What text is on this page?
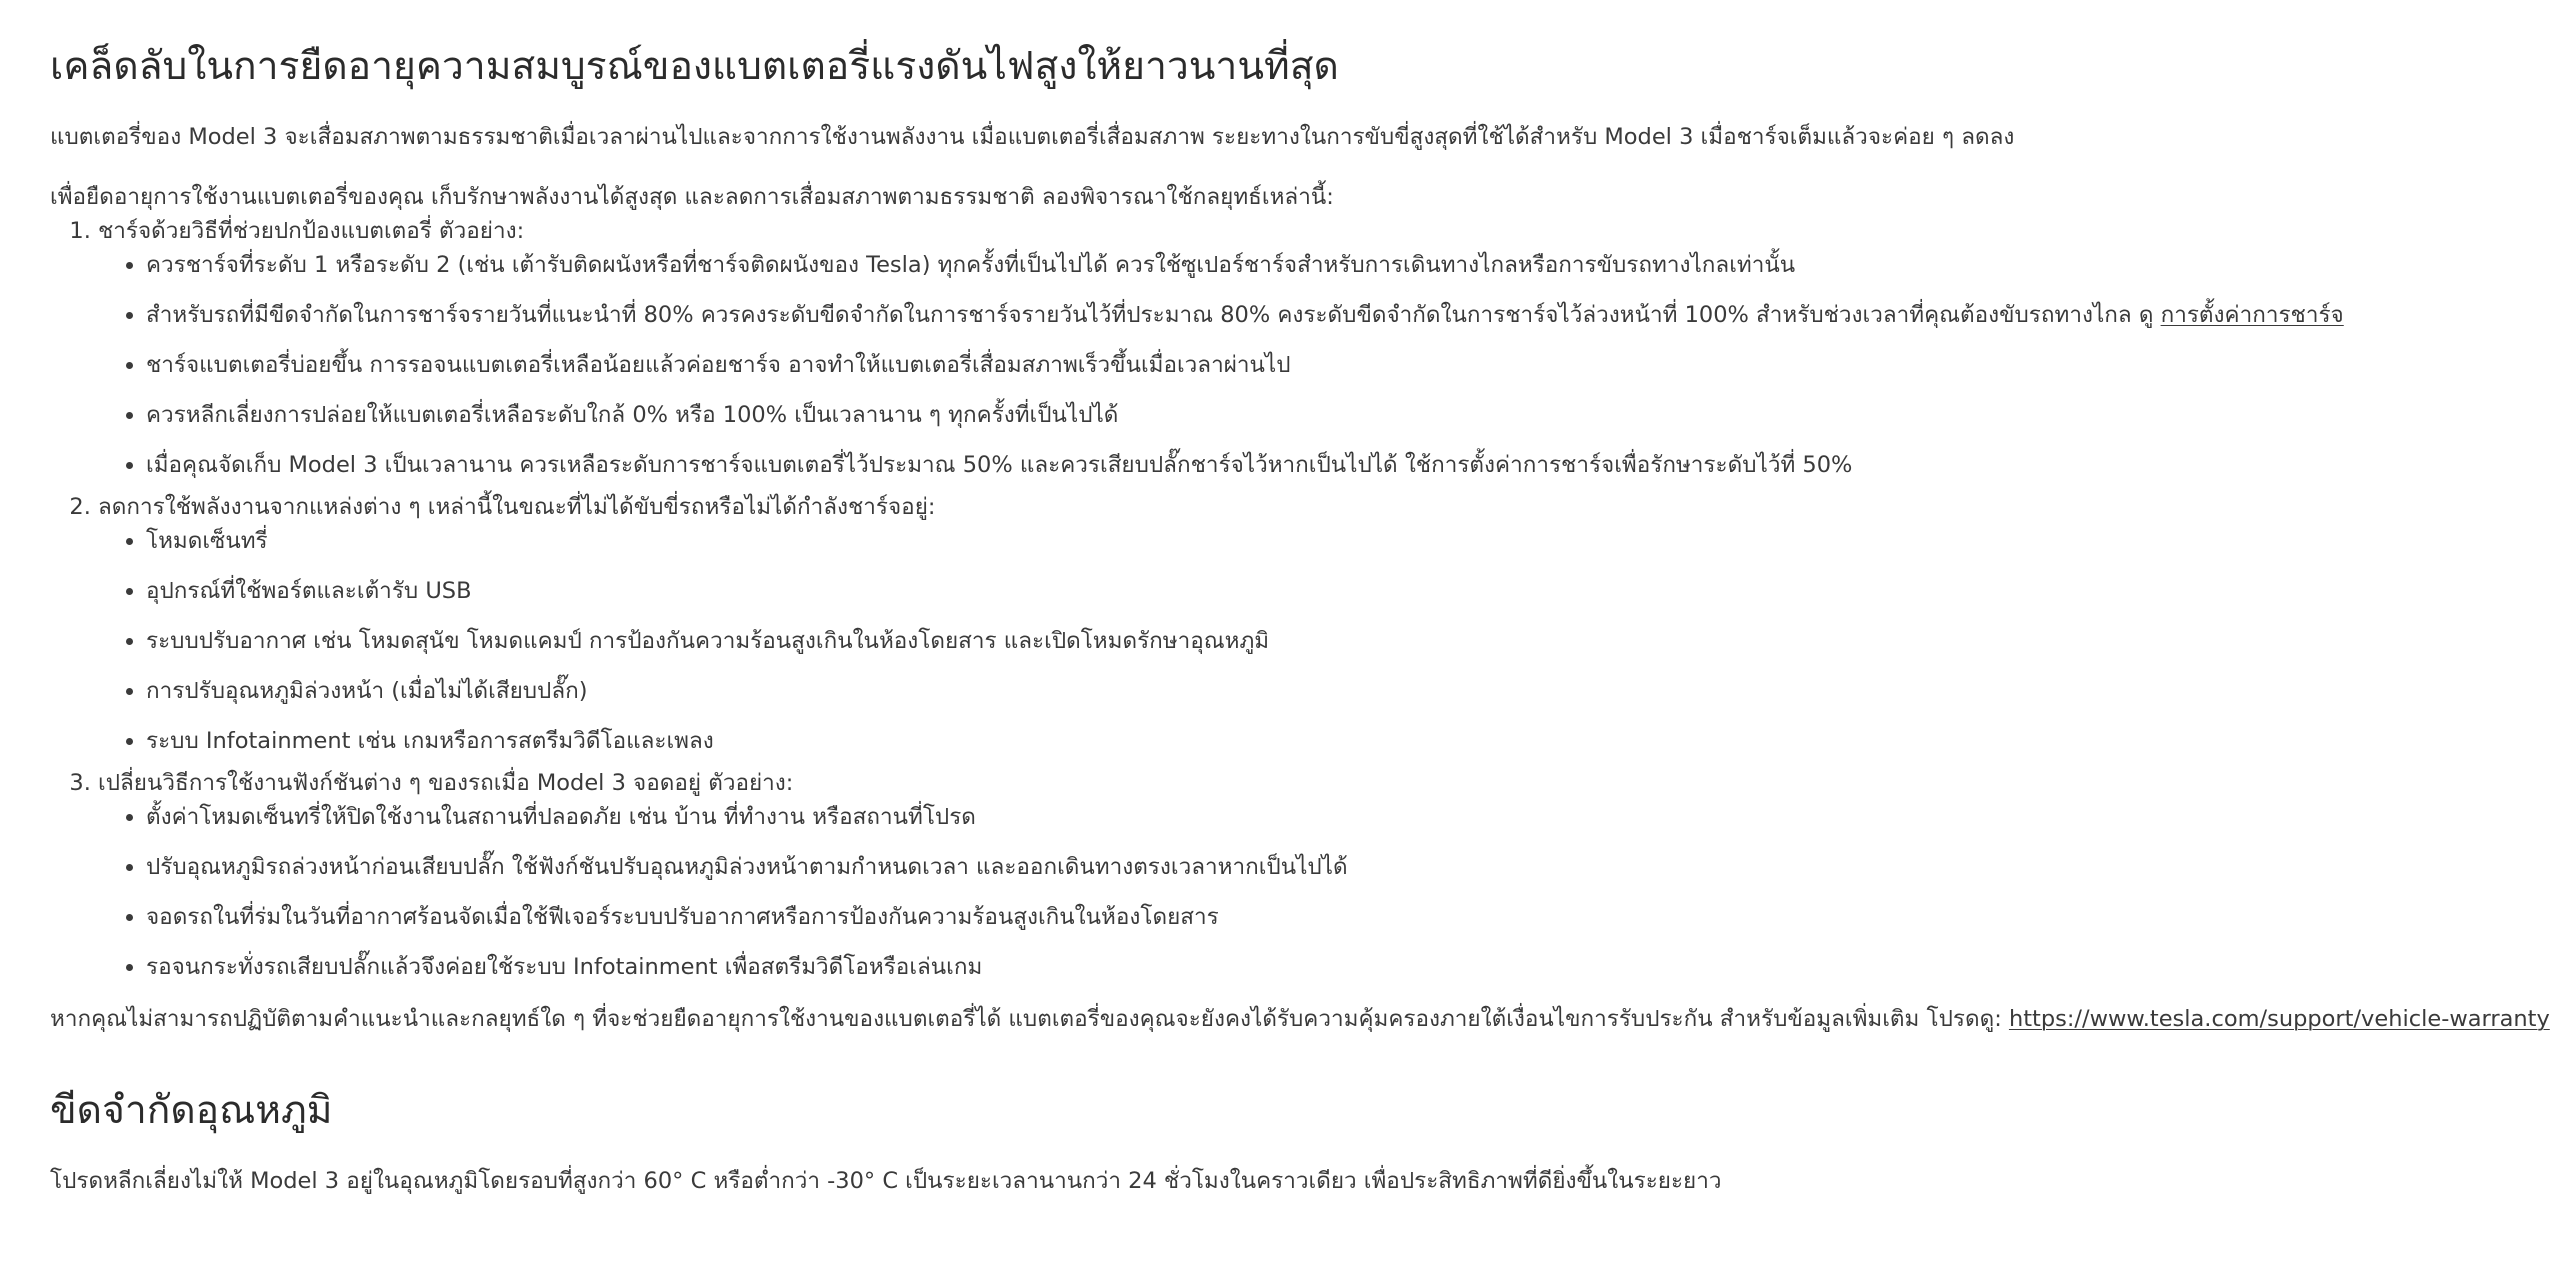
เคล็ดลับในการยืดอายุความสมบูรณ์ของแบตเตอรี่แรงดันไฟสูงให้ยาวนานที่สุด

แบตเตอรี่ของ Model 3 จะเสื่อมสภาพตามธรรมชาติเมื่อเวลาผ่านไปและจากการใช้งานพลังงาน เมื่อแบตเตอรี่เสื่อมสภาพ ระยะทางในการขับขี่สูงสุดที่ใช้ได้สำหรับ Model 3 เมื่อชาร์จเต็มแล้วจะค่อย ๆ ลดลง

เพื่อยืดอายุการใช้งานแบตเตอรี่ของคุณ เก็บรักษาพลังงานได้สูงสุด และลดการเสื่อมสภาพตามธรรมชาติ ลองพิจารณาใช้กลยุทธ์เหล่านี้:

1. ชาร์จด้วยวิธีที่ช่วยปกป้องแบตเตอรี่ ตัวอย่าง:
• ควรชาร์จที่ระดับ 1 หรือระดับ 2 (เช่น เต้ารับติดผนังหรือที่ชาร์จติดผนังของ Tesla) ทุกครั้งที่เป็นไปได้ ควรใช้ซูเปอร์ชาร์จสำหรับการเดินทางไกลหรือการขับรถทางไกลเท่านั้น
• สำหรับรถที่มีขีดจำกัดในการชาร์จรายวันที่แนะนำที่ 80% ควรคงระดับขีดจำกัดในการชาร์จรายวันไว้ที่ประมาณ 80% คงระดับขีดจำกัดในการชาร์จไว้ล่วงหน้าที่ 100% สำหรับช่วงเวลาที่คุณต้องขับรถทางไกล ดู การตั้งค่าการชาร์จ
• ชาร์จแบตเตอรี่บ่อยขึ้น การรอจนแบตเตอรี่เหลือน้อยแล้วค่อยชาร์จ อาจทำให้แบตเตอรี่เสื่อมสภาพเร็วขึ้นเมื่อเวลาผ่านไป
• ควรหลีกเลี่ยงการปล่อยให้แบตเตอรี่เหลือระดับใกล้ 0% หรือ 100% เป็นเวลานาน ๆ ทุกครั้งที่เป็นไปได้
• เมื่อคุณจัดเก็บ Model 3 เป็นเวลานาน ควรเหลือระดับการชาร์จแบตเตอรี่ไว้ประมาณ 50% และควรเสียบปลั๊กชาร์จไว้หากเป็นไปได้ ใช้การตั้งค่าการชาร์จเพื่อรักษาระดับไว้ที่ 50%
2. ลดการใช้พลังงานจากแหล่งต่าง ๆ เหล่านี้ในขณะที่ไม่ได้ขับขี่รถหรือไม่ได้กำลังชาร์จอยู่:
• โหมดเซ็นทรี่
• อุปกรณ์ที่ใช้พอร์ตและเต้ารับ USB
• ระบบปรับอากาศ เช่น โหมดสุนัข โหมดแคมป์ การป้องกันความร้อนสูงเกินในห้องโดยสาร และเปิดโหมดรักษาอุณหภูมิ
• การปรับอุณหภูมิล่วงหน้า (เมื่อไม่ได้เสียบปลั๊ก)
• ระบบ Infotainment เช่น เกมหรือการสตรีมวิดีโอและเพลง
3. เปลี่ยนวิธีการใช้งานฟังก์ชันต่าง ๆ ของรถเมื่อ Model 3 จอดอยู่ ตัวอย่าง:
• ตั้งค่าโหมดเซ็นทรี่ให้ปิดใช้งานในสถานที่ปลอดภัย เช่น บ้าน ที่ทำงาน หรือสถานที่โปรด
• ปรับอุณหภูมิรถล่วงหน้าก่อนเสียบปลั๊ก ใช้ฟังก์ชันปรับอุณหภูมิล่วงหน้าตามกำหนดเวลา และออกเดินทางตรงเวลาหากเป็นไปได้
• จอดรถในที่ร่มในวันที่อากาศร้อนจัดเมื่อใช้ฟีเจอร์ระบบปรับอากาศหรือการป้องกันความร้อนสูงเกินในห้องโดยสาร
• รอจนกระทั่งรถเสียบปลั๊กแล้วจึงค่อยใช้ระบบ Infotainment เพื่อสตรีมวิดีโอหรือเล่นเกม

หากคุณไม่สามารถปฏิบัติตามคำแนะนำและกลยุทธ์ใด ๆ ที่จะช่วยยืดอายุการใช้งานของแบตเตอรี่ได้ แบตเตอรี่ของคุณจะยังคงได้รับความคุ้มครองภายใต้เงื่อนไขการรับประกัน สำหรับข้อมูลเพิ่มเติม โปรดดู: https://www.tesla.com/support/vehicle-warranty

ขีดจำกัดอุณหภูมิ

โปรดหลีกเลี่ยงไม่ให้ Model 3 อยู่ในอุณหภูมิโดยรอบที่สูงกว่า 60° C หรือต่ำกว่า -30° C เป็นระยะเวลานานกว่า 24 ชั่วโมงในคราวเดียว เพื่อประสิทธิภาพที่ดียิ่งขึ้นในระยะยาว
